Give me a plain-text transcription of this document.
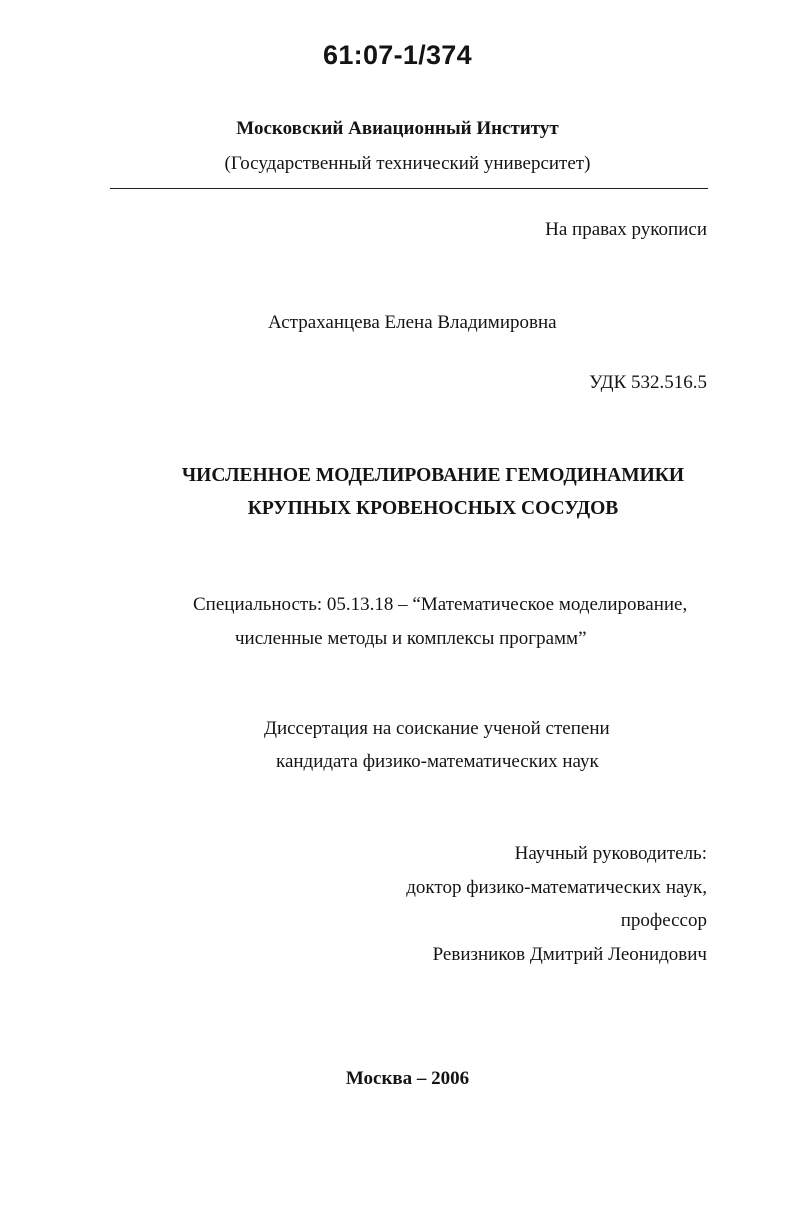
61:07-1/374
Московский Авиационный Институт
(Государственный технический университет)
На правах рукописи
Астраханцева Елена Владимировна
УДК 532.516.5
ЧИСЛЕННОЕ МОДЕЛИРОВАНИЕ ГЕМОДИНАМИКИ
КРУПНЫХ КРОВЕНОСНЫХ СОСУДОВ
Специальность: 05.13.18 – “Математическое моделирование,
численные методы и комплексы программ”
Диссертация на соискание ученой степени
кандидата физико-математических наук
Научный руководитель:
доктор физико-математических наук,
профессор
Ревизников Дмитрий Леонидович
Москва – 2006
